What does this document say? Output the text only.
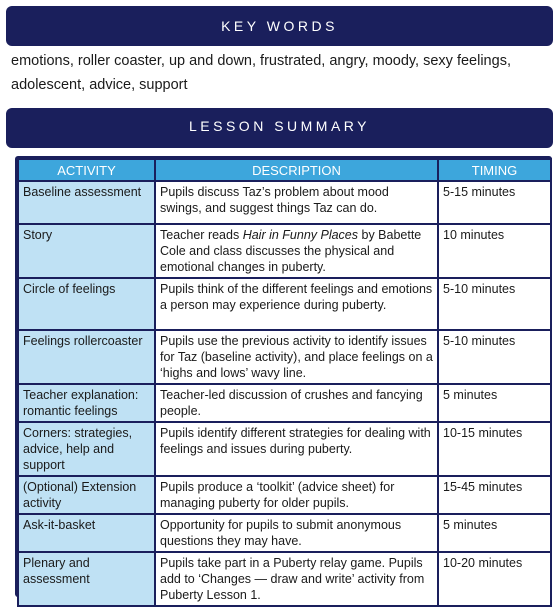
KEY WORDS
emotions, roller coaster, up and down, frustrated, angry, moody, sexy feelings, adolescent, advice, support
LESSON SUMMARY
ACTIVITY	DESCRIPTION	TIMING
Baseline assessment	Pupils discuss Taz’s problem about mood swings, and suggest things Taz can do.	5-15 minutes
Story	Teacher reads Hair in Funny Places by Babette Cole and class discusses the physical and emotional changes in puberty.	10 minutes
Circle of feelings	Pupils think of the different feelings and emotions a person may experience during puberty.	5-10 minutes
Feelings rollercoaster	Pupils use the previous activity to identify issues for Taz (baseline activity), and place feelings on a ‘highs and lows’ wavy line.	5-10 minutes
Teacher explanation: romantic feelings	Teacher-led discussion of crushes and fancying people.	5 minutes
Corners: strategies, advice, help and support	Pupils identify different strategies for dealing with feelings and issues during puberty.	10-15 minutes
(Optional) Extension activity	Pupils produce a ‘toolkit’ (advice sheet) for managing puberty for older pupils.	15-45 minutes
Ask-it-basket	Opportunity for pupils to submit anonymous questions they may have.	5 minutes
Plenary and assessment	Pupils take part in a Puberty relay game. Pupils add to ‘Changes — draw and write’ activity from Puberty Lesson 1.	10-20 minutes
